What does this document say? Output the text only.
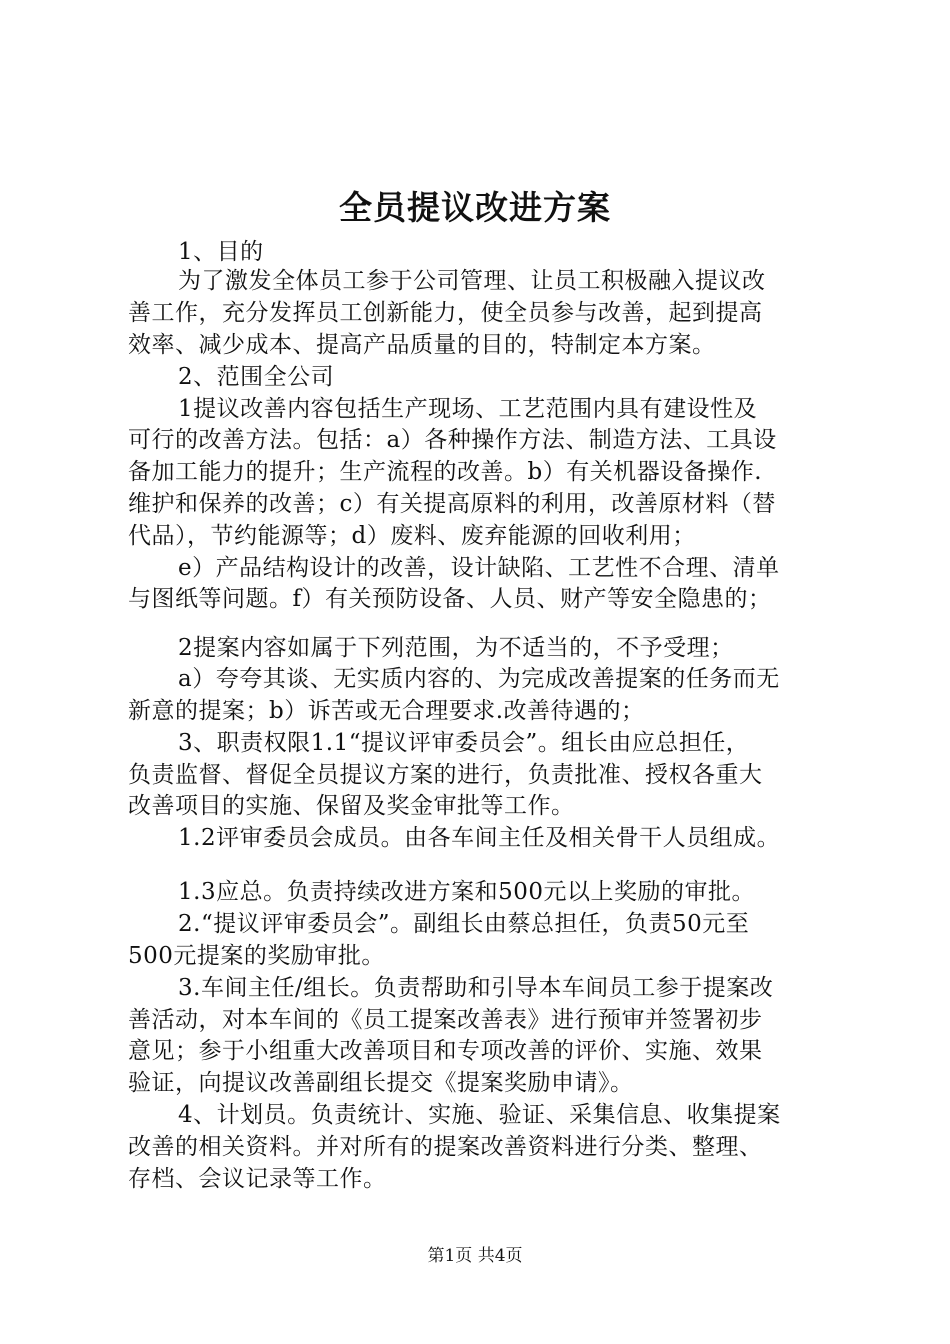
全员提议改进方案
1、目的
为了激发全体员工参于公司管理、让员工积极融入提议改
善工作，充分发挥员工创新能力，使全员参与改善，起到提高
效率、减少成本、提高产品质量的目的，特制定本方案。
2、范围全公司
1提议改善内容包括生产现场、工艺范围内具有建设性及
可行的改善方法。包括：a）各种操作方法、制造方法、工具设
备加工能力的提升；生产流程的改善。b）有关机器设备操作.
维护和保养的改善；c）有关提高原料的利用，改善原材料（替
代品），节约能源等；d）废料、废弃能源的回收利用；
e）产品结构设计的改善，设计缺陷、工艺性不合理、清单
与图纸等问题。f）有关预防设备、人员、财产等安全隐患的；
2提案内容如属于下列范围，为不适当的，不予受理；
a）夸夸其谈、无实质内容的、为完成改善提案的任务而无
新意的提案；b）诉苦或无合理要求.改善待遇的；
3、职责权限1.1“提议评审委员会”。组长由应总担任，
负责监督、督促全员提议方案的进行，负责批准、授权各重大
改善项目的实施、保留及奖金审批等工作。
1.2评审委员会成员。由各车间主任及相关骨干人员组成。
1.3应总。负责持续改进方案和500元以上奖励的审批。
2.“提议评审委员会”。副组长由蔡总担任，负责50元至
500元提案的奖励审批。
3.车间主任/组长。负责帮助和引导本车间员工参于提案改
善活动，对本车间的《员工提案改善表》进行预审并签署初步
意见；参于小组重大改善项目和专项改善的评价、实施、效果
验证，向提议改善副组长提交《提案奖励申请》。
4、计划员。负责统计、实施、验证、采集信息、收集提案
改善的相关资料。并对所有的提案改善资料进行分类、整理、
存档、会议记录等工作。
第1页 共4页
